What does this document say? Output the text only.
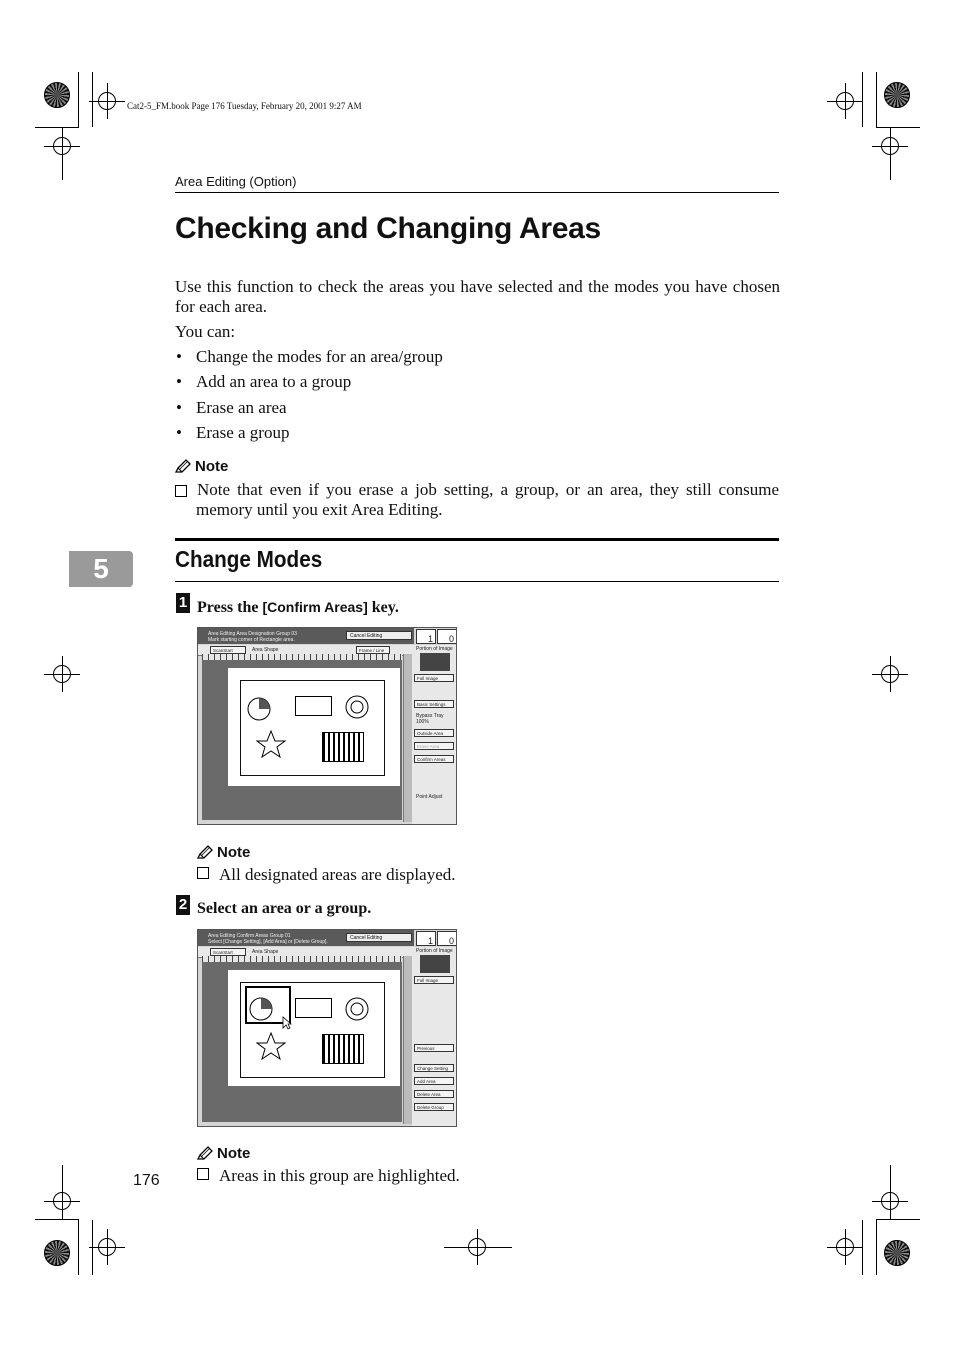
Cat2-5_FM.book Page 176 Tuesday, February 20, 2001 9:27 AM
Area Editing (Option)
Checking and Changing Areas
Use this function to check the areas you have selected and the modes you have chosen for each area.
You can:
• Change the modes for an area/group
• Add an area to a group
• Erase an area
• Erase a group
Note
Note that even if you erase a job setting, a group, or an area, they still consume memory until you exit Area Editing.
5	Change Modes
1 Press the [Confirm Areas] key.
Area Editing Area Designation Group 03
Mark starting corner of Rectangle area.
Cancel Editing	1	0
ScanStart	Area Shape	Frame / Line	Portion of Image
Full Image
Basic Settings
Bypass Tray
100%
Outside Area
Erase Area
Confirm Areas
Point Adjust
Note
All designated areas are displayed.
2 Select an area or a group.
Area Editing Confirm Areas Group 01
Select [Change Setting], [Add Area] or [Delete Group].
Cancel Editing	1	0
ScanStart	Area Shape	Portion of Image
Full Image
Previous
Change Setting
Add Area
Delete Area
Delete Group
Note
Areas in this group are highlighted.
176
